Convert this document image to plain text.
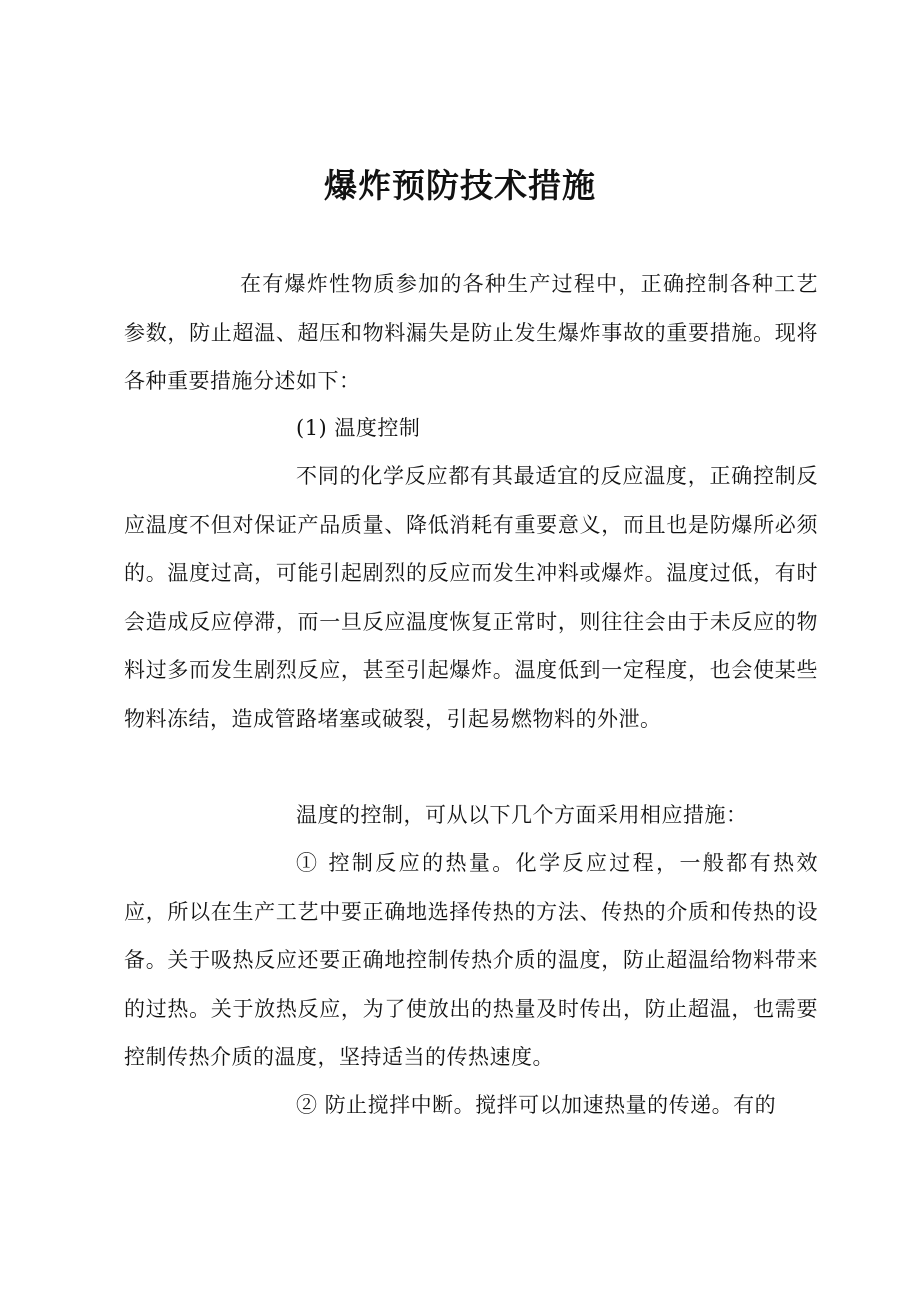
爆炸预防技术措施

在有爆炸性物质参加的各种生产过程中，正确控制各种工艺参数，防止超温、超压和物料漏失是防止发生爆炸事故的重要措施。现将各种重要措施分述如下：

(1) 温度控制

不同的化学反应都有其最适宜的反应温度，正确控制反应温度不但对保证产品质量、降低消耗有重要意义，而且也是防爆所必须的。温度过高，可能引起剧烈的反应而发生冲料或爆炸。温度过低，有时会造成反应停滞，而一旦反应温度恢复正常时，则往往会由于未反应的物料过多而发生剧烈反应，甚至引起爆炸。温度低到一定程度，也会使某些物料冻结，造成管路堵塞或破裂，引起易燃物料的外泄。

温度的控制，可从以下几个方面采用相应措施：

① 控制反应的热量。化学反应过程，一般都有热效应，所以在生产工艺中要正确地选择传热的方法、传热的介质和传热的设备。关于吸热反应还要正确地控制传热介质的温度，防止超温给物料带来的过热。关于放热反应，为了使放出的热量及时传出，防止超温，也需要控制传热介质的温度，坚持适当的传热速度。

② 防止搅拌中断。搅拌可以加速热量的传递。有的
